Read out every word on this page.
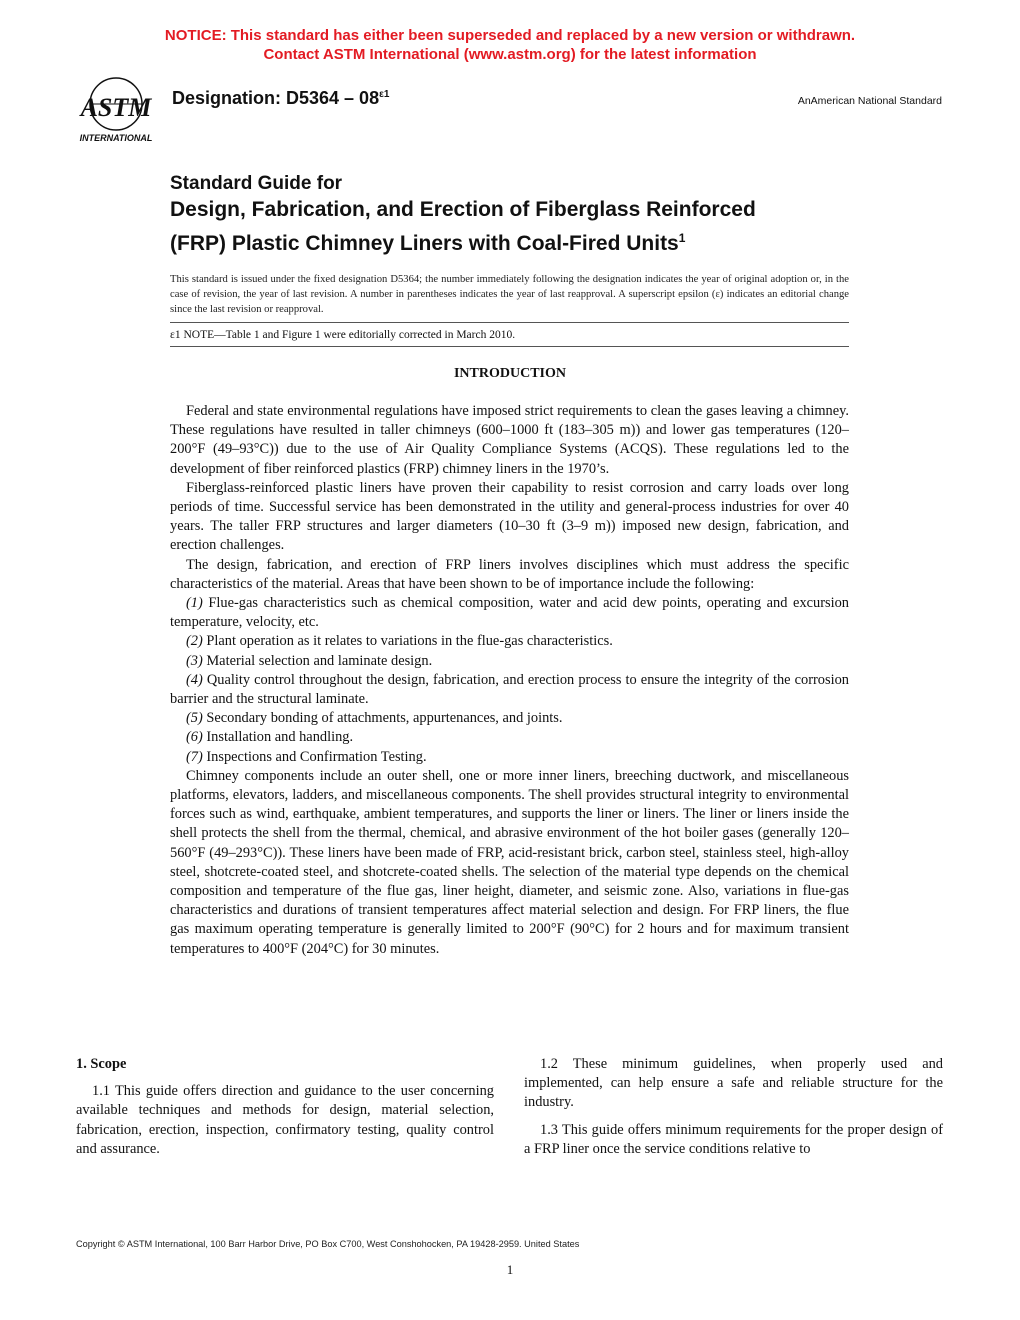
NOTICE: This standard has either been superseded and replaced by a new version or withdrawn.
Contact ASTM International (www.astm.org) for the latest information
ASTM
INTERNATIONAL
Designation: $D5364 - 08^{\varepsilon 1}$
AnAmerican National Standard
Standard Guide for
Design, Fabrication, and Erection of Fiberglass Reinforced
(FRP) Plastic Chimney Liners with Coal-Fired Units$^1$
This standard is issued under the fixed designation D5364; the number immediately following the designation indicates the year of original adoption or, in the case of revision, the year of last revision. A number in parentheses indicates the year of last reapproval. A superscript epsilon (ε) indicates an editorial change since the last revision or reapproval.
ε1 NOTE—Table 1 and Figure 1 were editorially corrected in March 2010.
INTRODUCTION

Federal and state environmental regulations have imposed strict requirements to clean the gases leaving a chimney. These regulations have resulted in taller chimneys (600–1000 ft (183–305 m)) and lower gas temperatures (120–200°F (49–93°C)) due to the use of Air Quality Compliance Systems (ACQS). These regulations led to the development of fiber reinforced plastics (FRP) chimney liners in the 1970’s.

Fiberglass-reinforced plastic liners have proven their capability to resist corrosion and carry loads over long periods of time. Successful service has been demonstrated in the utility and general-process industries for over 40 years. The taller FRP structures and larger diameters (10–30 ft (3–9 m)) imposed new design, fabrication, and erection challenges.

The design, fabrication, and erection of FRP liners involves disciplines which must address the specific characteristics of the material. Areas that have been shown to be of importance include the following:

(1) Flue-gas characteristics such as chemical composition, water and acid dew points, operating and excursion temperature, velocity, etc.

(2) Plant operation as it relates to variations in the flue-gas characteristics.

(3) Material selection and laminate design.

(4) Quality control throughout the design, fabrication, and erection process to ensure the integrity of the corrosion barrier and the structural laminate.

(5) Secondary bonding of attachments, appurtenances, and joints.

(6) Installation and handling.

(7) Inspections and Confirmation Testing.

Chimney components include an outer shell, one or more inner liners, breeching ductwork, and miscellaneous platforms, elevators, ladders, and miscellaneous components. The shell provides structural integrity to environmental forces such as wind, earthquake, ambient temperatures, and supports the liner or liners. The liner or liners inside the shell protects the shell from the thermal, chemical, and abrasive environment of the hot boiler gases (generally 120–560°F (49–293°C)). These liners have been made of FRP, acid-resistant brick, carbon steel, stainless steel, high-alloy steel, shotcrete-coated steel, and shotcrete-coated shells. The selection of the material type depends on the chemical composition and temperature of the flue gas, liner height, diameter, and seismic zone. Also, variations in flue-gas characteristics and durations of transient temperatures affect material selection and design. For FRP liners, the flue gas maximum operating temperature is generally limited to 200°F (90°C) for 2 hours and for maximum transient temperatures to 400°F (204°C) for 30 minutes.

1. Scope
1.1 This guide offers direction and guidance to the user concerning available techniques and methods for design, material selection, fabrication, erection, inspection, confirmatory testing, quality control and assurance.
1.2 These minimum guidelines, when properly used and implemented, can help ensure a safe and reliable structure for the industry.
1.3 This guide offers minimum requirements for the proper design of a FRP liner once the service conditions relative to
Copyright © ASTM International, 100 Barr Harbor Drive, PO Box C700, West Conshohocken, PA 19428-2959. United States
1
